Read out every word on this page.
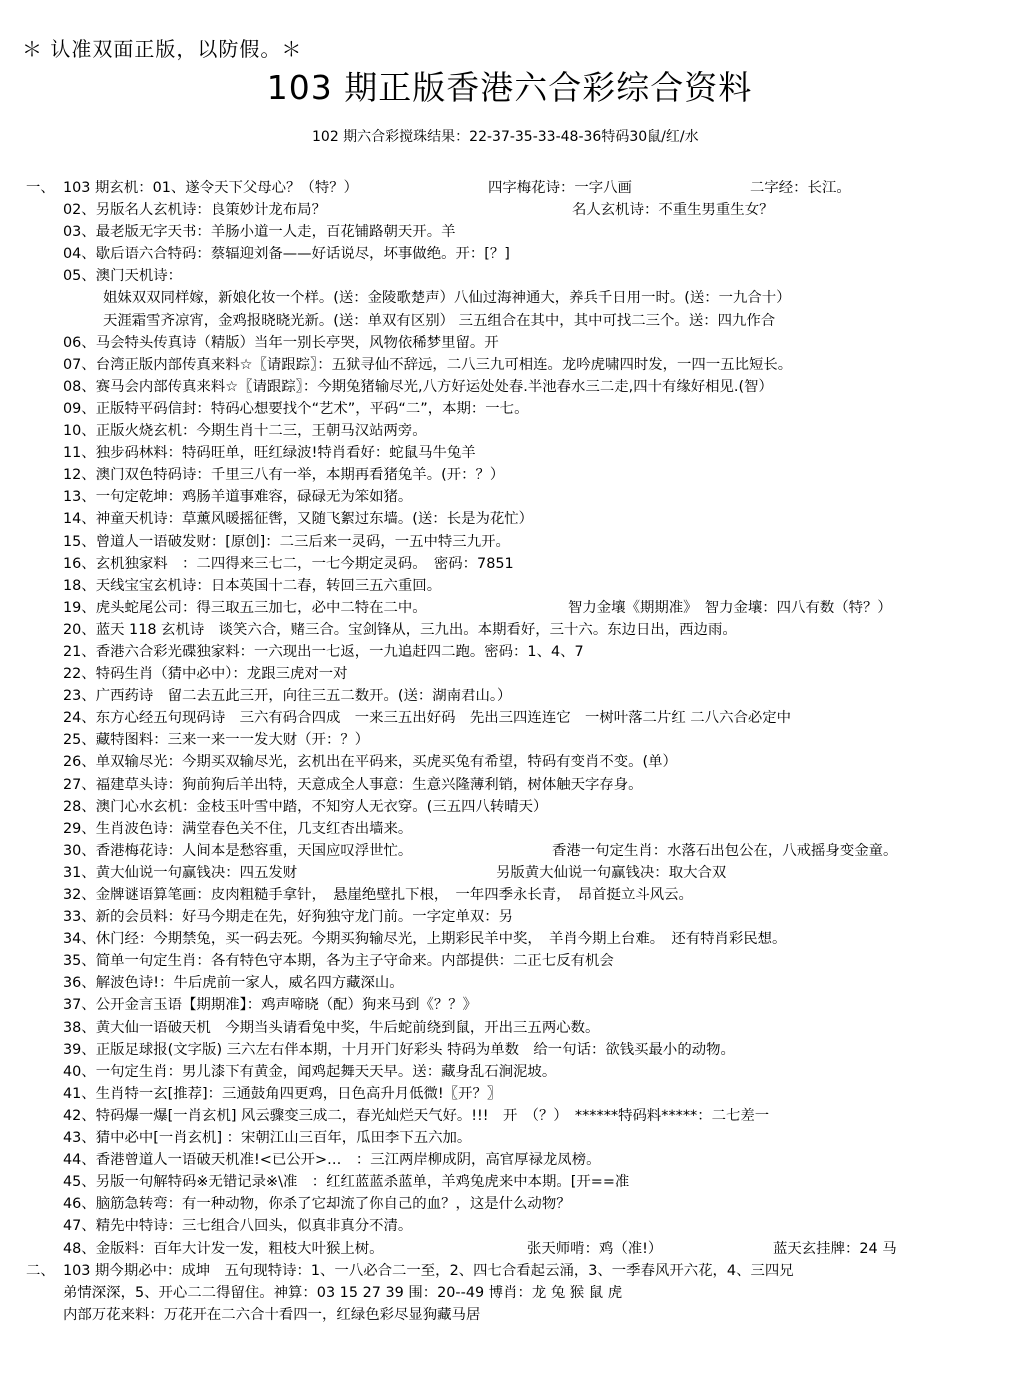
＊ 认准双面正版，以防假。＊
103 期正版香港六合彩综合资料
102 期六合彩搅珠结果：22-37-35-33-48-36特码30鼠/红/水
一、 103 期玄机：01、遂令天下父母心？（特？）	四字梅花诗：一字八画	二字经：长江。
02、另版名人玄机诗：良策妙计龙布局？	名人玄机诗：不重生男重生女？
03、最老版无字天书：羊肠小道一人走，百花铺路朝天开。羊
04、歇后语六合特码：蔡辐迎刘备——好话说尽，坏事做绝。开：[？]
05、澳门天机诗：
姐妹双双同样嫁，新娘化妆一个样。(送：金陵歌楚声）八仙过海神通大，养兵千日用一时。(送：一九合十）
天涯霜雪齐凉宵，金鸡报晓晓光新。(送：单双有区别） 三五组合在其中，其中可找二三个。送：四九作合
06、马会特头传真诗（精版）当年一别长亭哭，风物依稀梦里留。开
07、台湾正版内部传真来料☆〖请跟踪〗：五狱寻仙不辞远，二八三九可相连。龙吟虎啸四时发，一四一五比短长。
08、赛马会内部传真来料☆〖请跟踪〗：今期兔猪输尽光,八方好运处处春.半池春水三二走,四十有缘好相见.(智）
09、正版特平码信封：特码心想要找个“艺术”，平码“二”，本期：一七。
10、正版火烧玄机：今期生肖十二三，王朝马汉站两旁。
11、独步码林料：特码旺单，旺红绿波!特肖看好：蛇鼠马牛兔羊
12、澳门双色特码诗：千里三八有一举，本期再看猪兔羊。(开：？）
13、一句定乾坤：鸡肠羊道事难容，碌碌无为笨如猪。
14、神童天机诗：草薰风暖摇征辔，又随飞絮过东墙。(送：长是为花忙）
15、曾道人一语破发财：[原创]：二三后来一灵码，一五中特三九开。
16、玄机独家料　：二四得来三七二，一七今期定灵码。　密码：7851
18、天线宝宝玄机诗：日本英国十二春，转回三五六重回。
19、虎头蛇尾公司：得三取五三加七，必中二特在二中。	智力金壤《期期准》　智力金壤：四八有数（特？）
20、蓝天 118 玄机诗　谈笑六合，赌三合。宝剑锋从，三九出。本期看好，三十六。东边日出，西边雨。
21、香港六合彩光碟独家料：一六现出一七返，一九追赶四二跑。密码：1、4、7
22、特码生肖（猜中必中）：龙跟三虎对一对
23、广西药诗　留二去五此三开，向往三五二数开。(送：湖南君山。）
24、东方心经五句现码诗　三六有码合四成　一来三五出好码　先出三四连连它　一树叶落二片红 二八六合必定中
25、藏特图料：三来一来一一发大财（开：？）
26、单双输尽光：今期买双输尽光，玄机出在平码来，买虎买兔有希望，特码有变肖不变。(单）
27、福建草头诗：狗前狗后羊出特，天意成全人事意：生意兴隆薄利销，树体触天字存身。
28、澳门心水玄机：金枝玉叶雪中踏，不知穷人无衣穿。(三五四八转晴天）
29、生肖波色诗：满堂春色关不住，几支红杏出墙来。
30、香港梅花诗：人间本是愁容重，天国应叹浮世忙。	香港一句定生肖：水落石出包公在，八戒摇身变金童。
31、黄大仙说一句赢钱决：四五发财	另版黄大仙说一句赢钱决：取大合双
32、金牌谜语算笔画：皮肉粗糙手拿针，　悬崖绝壁扎下根，　一年四季永长青，　昂首挺立斗风云。
33、新的会员料：好马今期走在先，好狗独守龙门前。一字定单双：另
34、休门经：今期禁兔，买一码去死。今期买狗输尽光，上期彩民羊中奖，　羊肖今期上台难。　还有特肖彩民想。
35、简单一句定生肖：各有特色守本期，各为主子守命来。内部提供：二正七反有机会
36、解波色诗!：牛后虎前一家人，威名四方藏深山。
37、公开金言玉语【期期准】：鸡声啼晓（配）狗来马到《？？》
38、黄大仙一语破天机　今期当头请看兔中奖，牛后蛇前绕到鼠，开出三五两心数。
39、正版足球报(文字版) 三六左右伴本期，十月开门好彩头 特码为单数　给一句话：欲钱买最小的动物。
40、一句定生肖：男儿漆下有黄金，闻鸡起舞天天早。送：藏身乱石涧泥坡。
41、生肖特一玄[推荐]：三通鼓角四更鸡，日色高升月低微!〖开？〗
42、特码爆一爆[一肖玄机] 风云骤变三成二，春光灿烂天气好。!!!　开　（？）　******特码料*****：二七差一
43、猜中必中[一肖玄机] ：宋朝江山三百年，瓜田李下五六加。
44、香港曾道人一语破天机准!<已公开>…　：三江两岸柳成阴，高官厚禄龙凤榜。
45、另版一句解特码※无错记录※\准　：红红蓝蓝杀蓝单，羊鸡兔虎来中本期。[开==准
46、脑筋急转弯：有一种动物，你杀了它却流了你自己的血？，这是什么动物？
47、精先中特诗：三七组合八回头，似真非真分不清。
48、金版料：百年大计发一发，粗枝大叶猴上树。	张天师啃：鸡（准!）	蓝天玄挂牌：24 马
二、 103 期今期必中：成坤　五句现特诗：1、一八必合二一至，2、四七合看起云涌，3、一季春风开六花，4、三四兄
弟情深深，5、开心二二得留住。神算：03 15 27 39 围：20--49 博肖：龙 兔 猴 鼠 虎
内部万花来料：万花开在二六合十看四一，红绿色彩尽显狗藏马居
